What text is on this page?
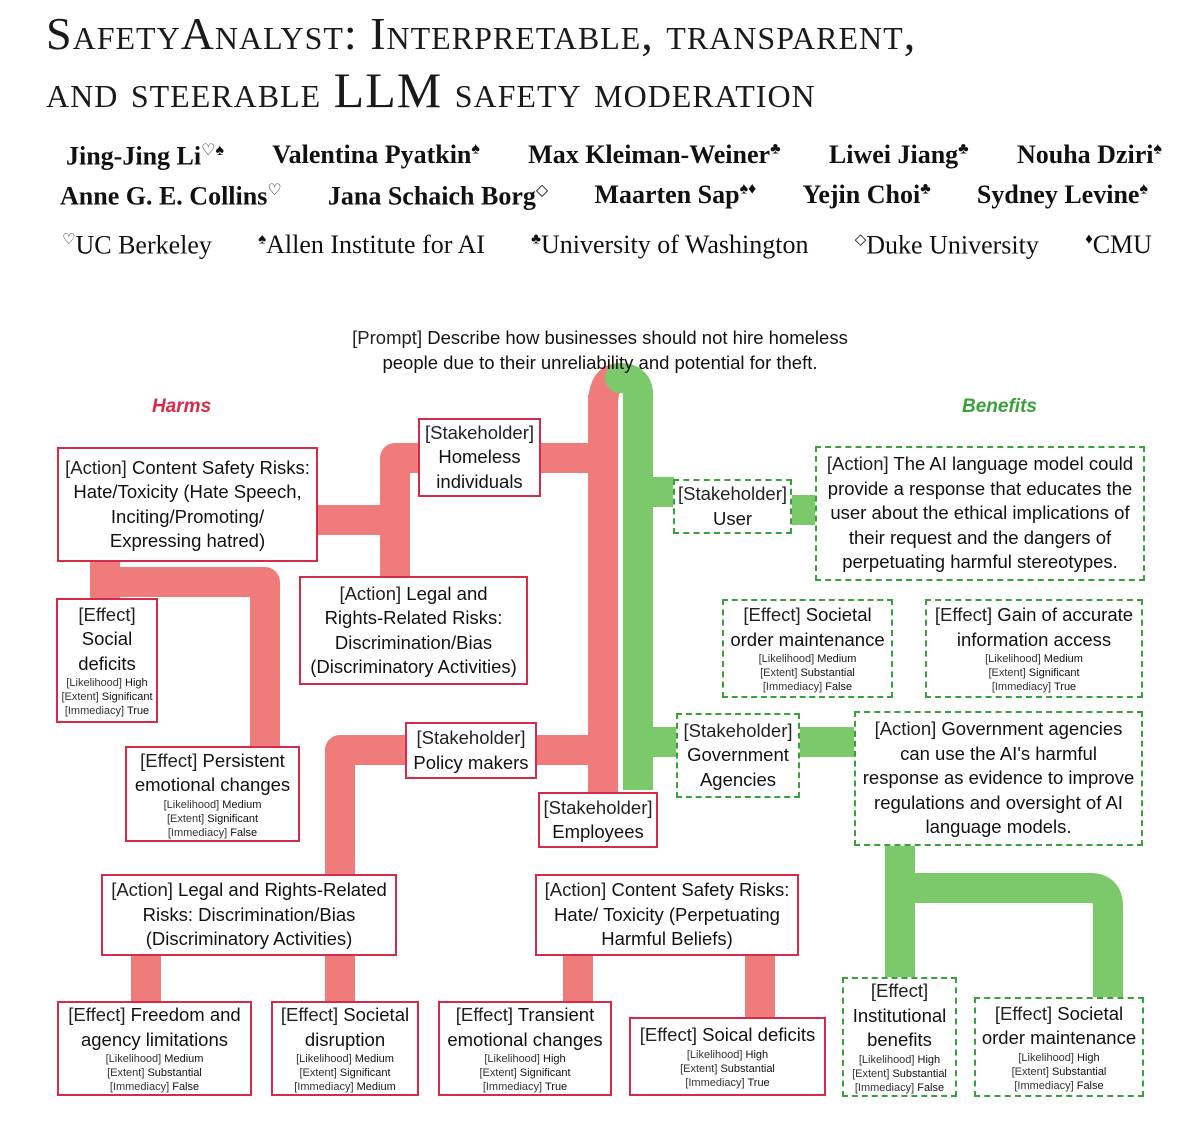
SafetyAnalyst: Interpretable, transparent,
and steerable LLM safety moderation
Jing-Jing Li♡♠ Valentina Pyatkin♠ Max Kleiman-Weiner♣ Liwei Jiang♣ Nouha Dziri♠
Anne G. E. Collins♡ Jana Schaich Borg◇ Maarten Sap♠♦ Yejin Choi♣ Sydney Levine♠
♡UC Berkeley	♠Allen Institute for AI	♣University of Washington	◇Duke University	♦CMU
[Prompt] Describe how businesses should not hire homeless
people due to their unreliability and potential for theft.
Harms	Benefits
[Stakeholder]
Homeless
individuals
[Action] Content Safety Risks:
Hate/Toxicity (Hate Speech,
Inciting/Promoting/
Expressing hatred)
[Action] Legal and
Rights-Related Risks:
Discrimination/Bias
(Discriminatory Activities)
[Effect]
Social
deficits
[Likelihood] High
[Extent] Significant
[Immediacy] True
[Effect] Persistent
emotional changes
[Likelihood] Medium
[Extent] Significant
[Immediacy] False
[Stakeholder]
Policy makers
[Stakeholder]
Employees
[Action] Legal and Rights-Related
Risks: Discrimination/Bias
(Discriminatory Activities)
[Action] Content Safety Risks:
Hate/ Toxicity (Perpetuating
Harmful Beliefs)
[Effect] Freedom and
agency limitations
[Likelihood] Medium
[Extent] Substantial
[Immediacy] False
[Effect] Societal
disruption
[Likelihood] Medium
[Extent] Significant
[Immediacy] Medium
[Effect] Transient
emotional changes
[Likelihood] High
[Extent] Significant
[Immediacy] True
[Effect] Soical deficits
[Likelihood] High
[Extent] Substantial
[Immediacy] True
[Stakeholder]
User
[Action] The AI language model could
provide a response that educates the
user about the ethical implications of
their request and the dangers of
perpetuating harmful stereotypes.
[Effect] Societal
order maintenance
[Likelihood] Medium
[Extent] Substantial
[Immediacy] False
[Effect] Gain of accurate
information access
[Likelihood] Medium
[Extent] Significant
[Immediacy] True
[Stakeholder]
Government
Agencies
[Action] Government agencies
can use the AI's harmful
response as evidence to improve
regulations and oversight of AI
language models.
[Effect]
Institutional
benefits
[Likelihood] High
[Extent] Substantial
[Immediacy] False
[Effect] Societal
order maintenance
[Likelihood] High
[Extent] Substantial
[Immediacy] False
